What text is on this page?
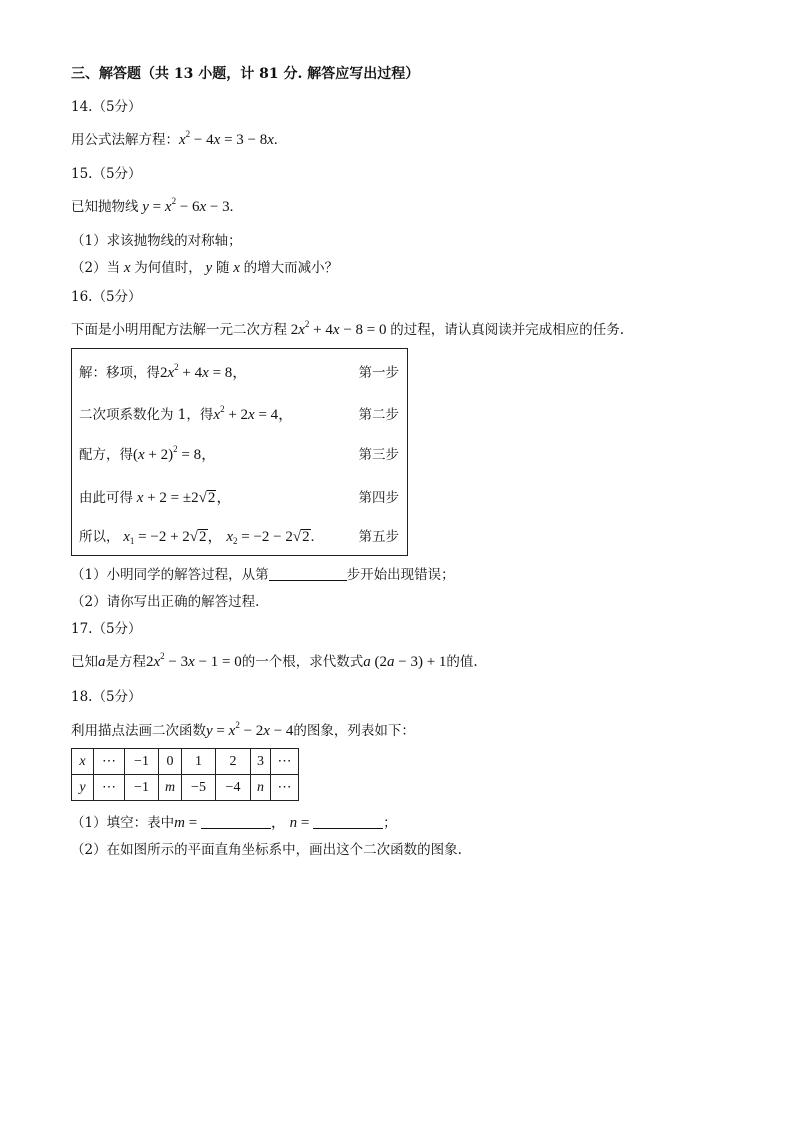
三、解答题（共 13 小题，计 81 分. 解答应写出过程）
14.（5分）
用公式法解方程：$x^2 - 4x = 3 - 8x$.
15.（5分）
已知抛物线 $y = x^2 - 6x - 3$.
（1）求该抛物线的对称轴；
（2）当 x 为何值时， y 随 x 的增大而减小？
16.（5分）
下面是小明用配方法解一元二次方程 $2x^2 + 4x - 8 = 0$ 的过程，请认真阅读并完成相应的任务.
解：移项，得$2x^2 + 4x = 8$，	第一步
二次项系数化为 1，得$x^2 + 2x = 4$，	第二步
配方，得$(x + 2)^2 = 8$，	第三步
由此可得 x + 2 = ±2√2，	第四步
所以， $x_1 = -2 + 2√2$， $x_2 = -2 - 2√2$.	第五步
（1）小明同学的解答过程，从第	步开始出现错误；
（2）请你写出正确的解答过程.
17.（5分）
已知a是方程$2x^2 - 3x - 1 = 0$的一个根，求代数式a (2a − 3) + 1的值.
18.（5分）
利用描点法画二次函数$y = x^2 - 2x - 4$的图象，列表如下：
x	⋯	−1	0	1	2	3	⋯
y	⋯	−1	m	−5	−4	n	⋯
（1）填空：表中m =	， n =	；
（2）在如图所示的平面直角坐标系中，画出这个二次函数的图象.
